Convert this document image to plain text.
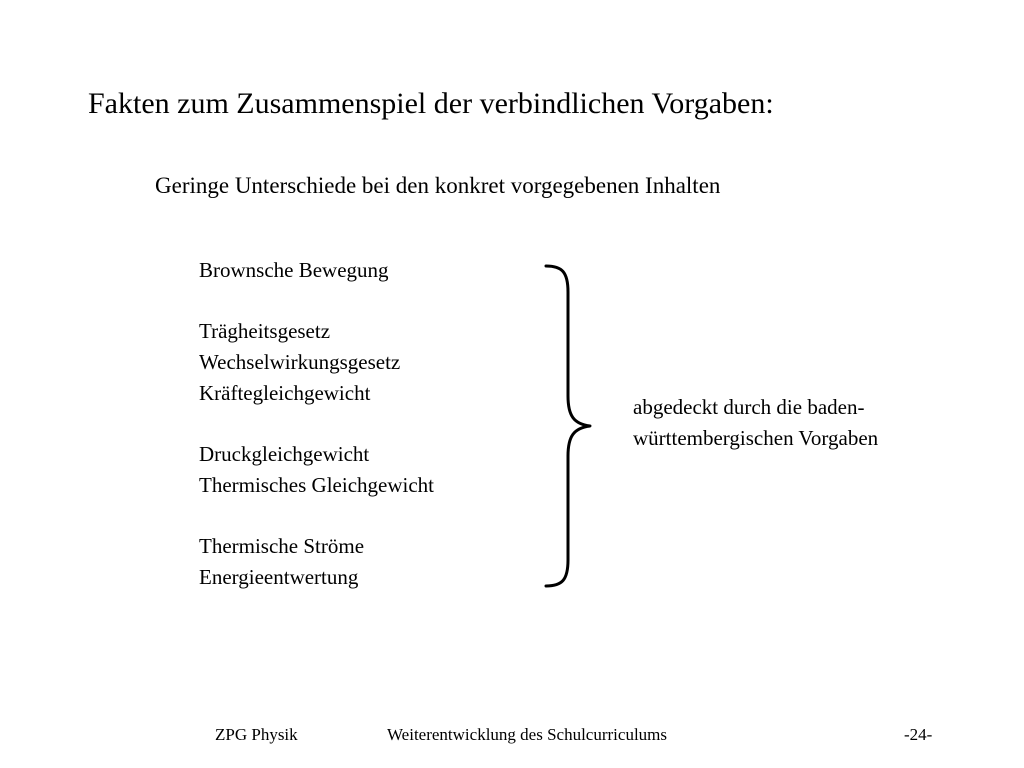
Fakten zum Zusammenspiel der verbindlichen Vorgaben:
Geringe Unterschiede bei den konkret vorgegebenen Inhalten
Brownsche Bewegung
Trägheitsgesetz
Wechselwirkungsgesetz
Kräftegleichgewicht
Druckgleichgewicht
Thermisches Gleichgewicht
Thermische Ströme
Energieentwertung
abgedeckt durch die baden-
württembergischen Vorgaben
ZPG Physik	Weiterentwicklung des Schulcurriculums	-24-
